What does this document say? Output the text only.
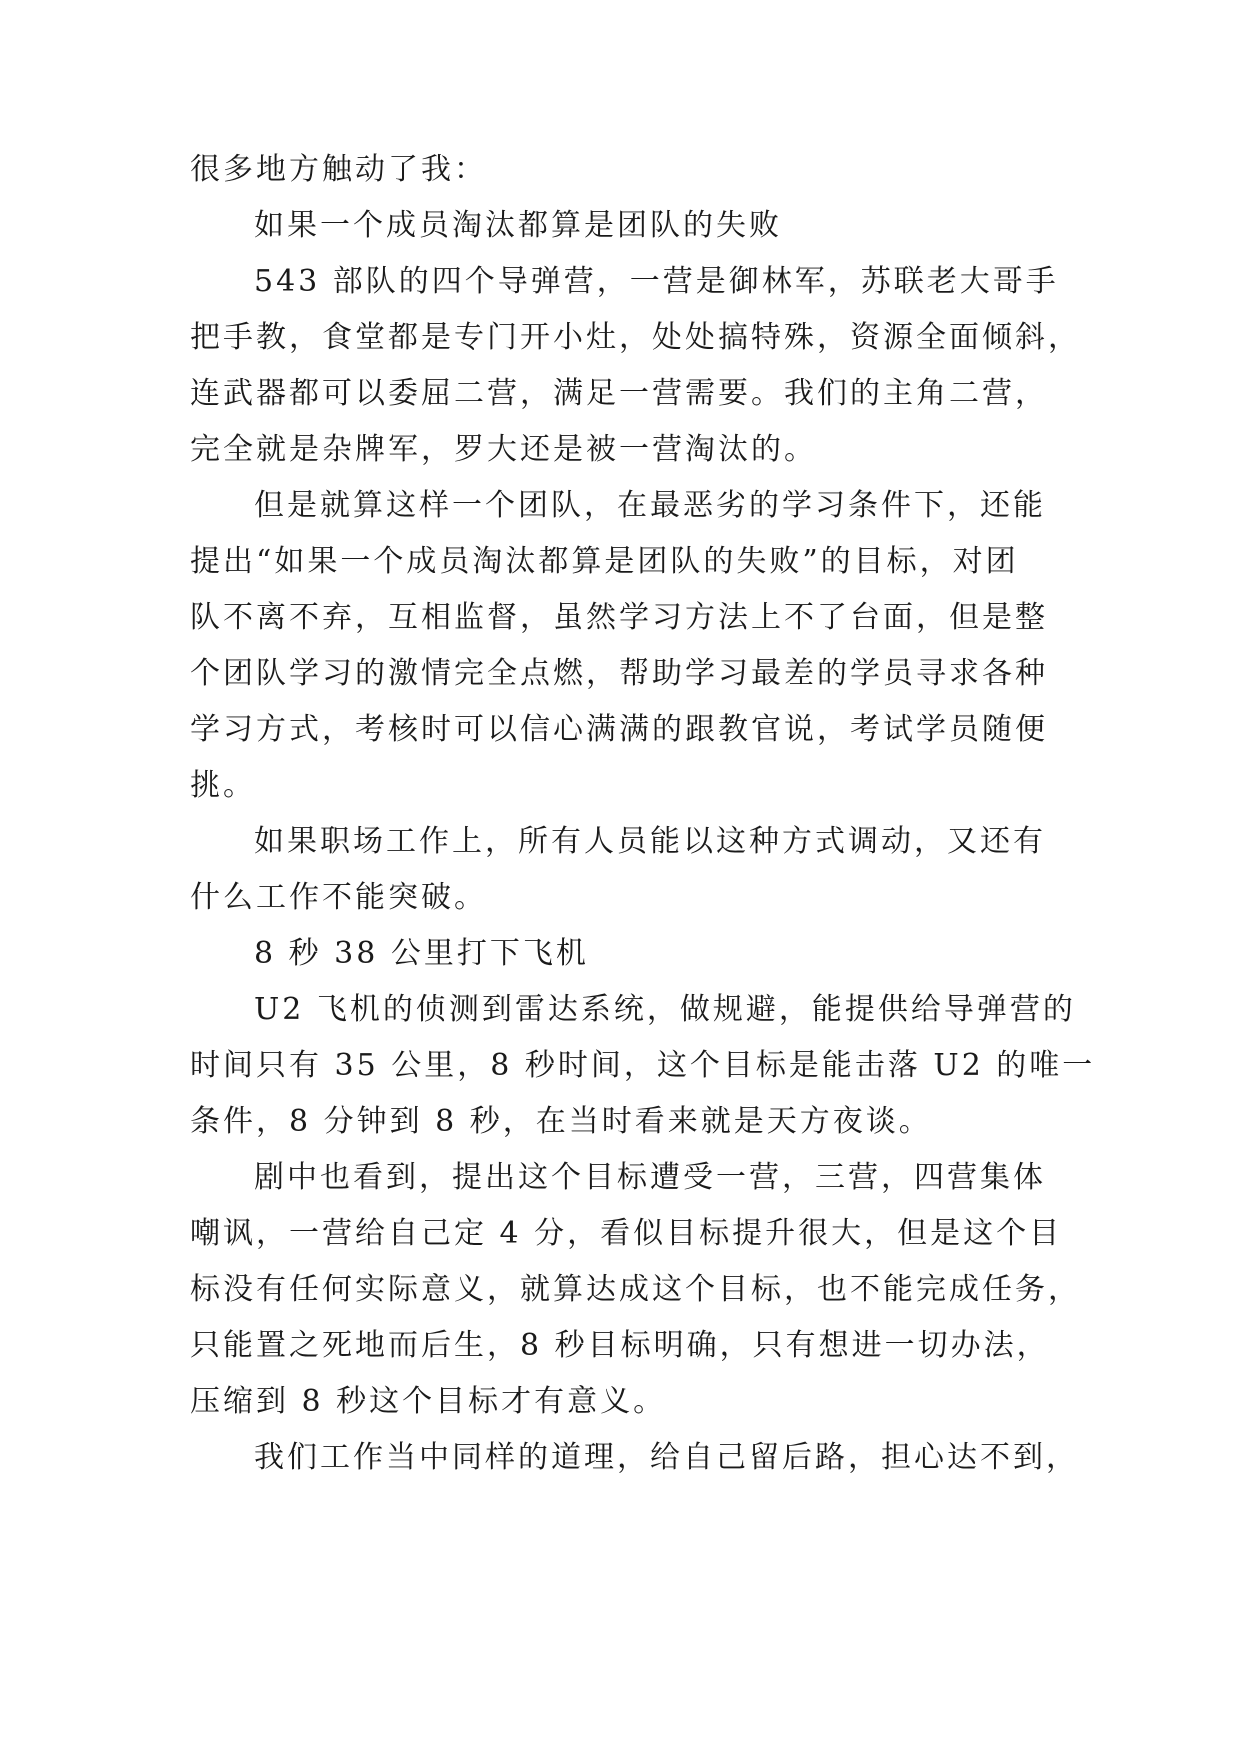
很多地方触动了我：
如果一个成员淘汰都算是团队的失败
543 部队的四个导弹营，一营是御林军，苏联老大哥手
把手教，食堂都是专门开小灶，处处搞特殊，资源全面倾斜，
连武器都可以委屈二营，满足一营需要。我们的主角二营，
完全就是杂牌军，罗大还是被一营淘汰的。
但是就算这样一个团队，在最恶劣的学习条件下，还能
提出“如果一个成员淘汰都算是团队的失败”的目标，对团
队不离不弃，互相监督，虽然学习方法上不了台面，但是整
个团队学习的激情完全点燃，帮助学习最差的学员寻求各种
学习方式，考核时可以信心满满的跟教官说，考试学员随便
挑。
如果职场工作上，所有人员能以这种方式调动，又还有
什么工作不能突破。
8 秒 38 公里打下飞机
U2 飞机的侦测到雷达系统，做规避，能提供给导弹营的
时间只有 35 公里，8 秒时间，这个目标是能击落 U2 的唯一
条件，8 分钟到 8 秒，在当时看来就是天方夜谈。
剧中也看到，提出这个目标遭受一营，三营，四营集体
嘲讽，一营给自己定 4 分，看似目标提升很大，但是这个目
标没有任何实际意义，就算达成这个目标，也不能完成任务，
只能置之死地而后生，8 秒目标明确，只有想进一切办法，
压缩到 8 秒这个目标才有意义。
我们工作当中同样的道理，给自己留后路，担心达不到，
